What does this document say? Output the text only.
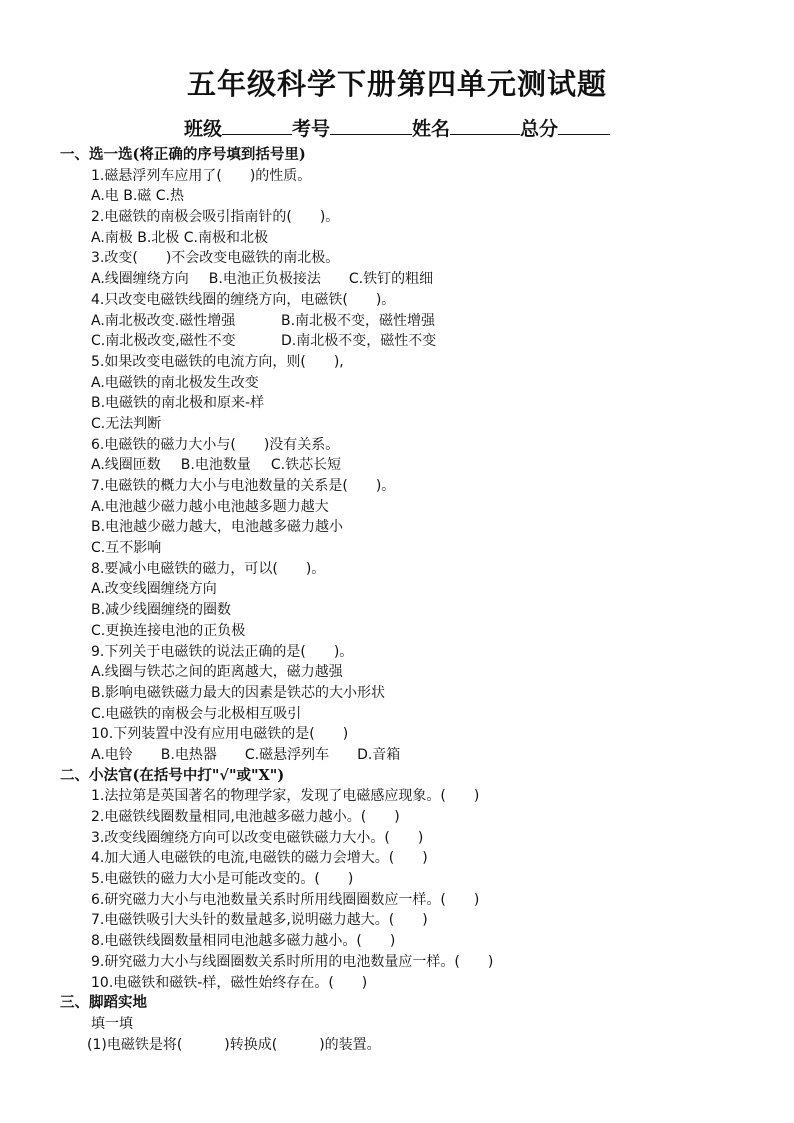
五年级科学下册第四单元测试题
班级	考号	姓名	总分
一、选一选(将正确的序号填到括号里)
1.磁悬浮列车应用了(　　)的性质。
A.电 B.磁 C.热
2.电磁铁的南极会吸引指南针的(　　)。
A.南极 B.北极 C.南极和北极
3.改变(　　)不会改变电磁铁的南北极。
A.线圈缠绕方向 B.电池正负极接法 C.铁钉的粗细
4.只改变电磁铁线圈的缠绕方向，电磁铁(　　)。
A.南北极改变.磁性增强	B.南北极不变，磁性增强
C.南北极改变,磁性不变	D.南北极不变，磁性不变
5.如果改变电磁铁的电流方向，则(　　),
A.电磁铁的南北极发生改变
B.电磁铁的南北极和原来-样
C.无法判断
6.电磁铁的磁力大小与(　　)没有关系。
A.线圈匝数 B.电池数量 C.铁芯长短
7.电磁铁的概力大小与电池数量的关系是(　　)。
A.电池越少磁力越小电池越多题力越大
B.电池越少磁力越大，电池越多磁力越小
C.互不影响
8.要减小电磁铁的磁力，可以(　　)。
A.改变线圈缠绕方向
B.减少线圈缠绕的圈数
C.更换连接电池的正负极
9.下列关于电磁铁的说法正确的是(　　)。
A.线圈与铁芯之间的距离越大，磁力越强
B.影响电磁铁磁力最大的因素是铁芯的大小形状
C.电磁铁的南极会与北极相互吸引
10.下列装置中没有应用电磁铁的是(　　)
A.电铃 B.电热器 C.磁悬浮列车 D.音箱
二、小法官(在括号中打"√"或"X")
1.法拉第是英国著名的物理学家，发现了电磁感应现象。(　　)
2.电磁铁线圈数量相同,电池越多磁力越小。(　　)
3.改变线圈缠绕方向可以改变电磁铁磁力大小。(　　)
4.加大通人电磁铁的电流,电磁铁的磁力会增大。(　　)
5.电磁铁的磁力大小是可能改变的。(　　)
6.研究磁力大小与电池数量关系时所用线圈圈数应一样。(　　)
7.电磁铁吸引大头针的数量越多,说明磁力越大。(　　)
8.电磁铁线圈数量相同电池越多磁力越小。(　　)
9.研究磁力大小与线圈圈数关系时所用的电池数量应一样。(　　)
10.电磁铁和磁铁-样，磁性始终存在。(　　)
三、脚蹈实地
填一填
(1)电磁铁是将(　　　)转换成(　　　)的装置。
